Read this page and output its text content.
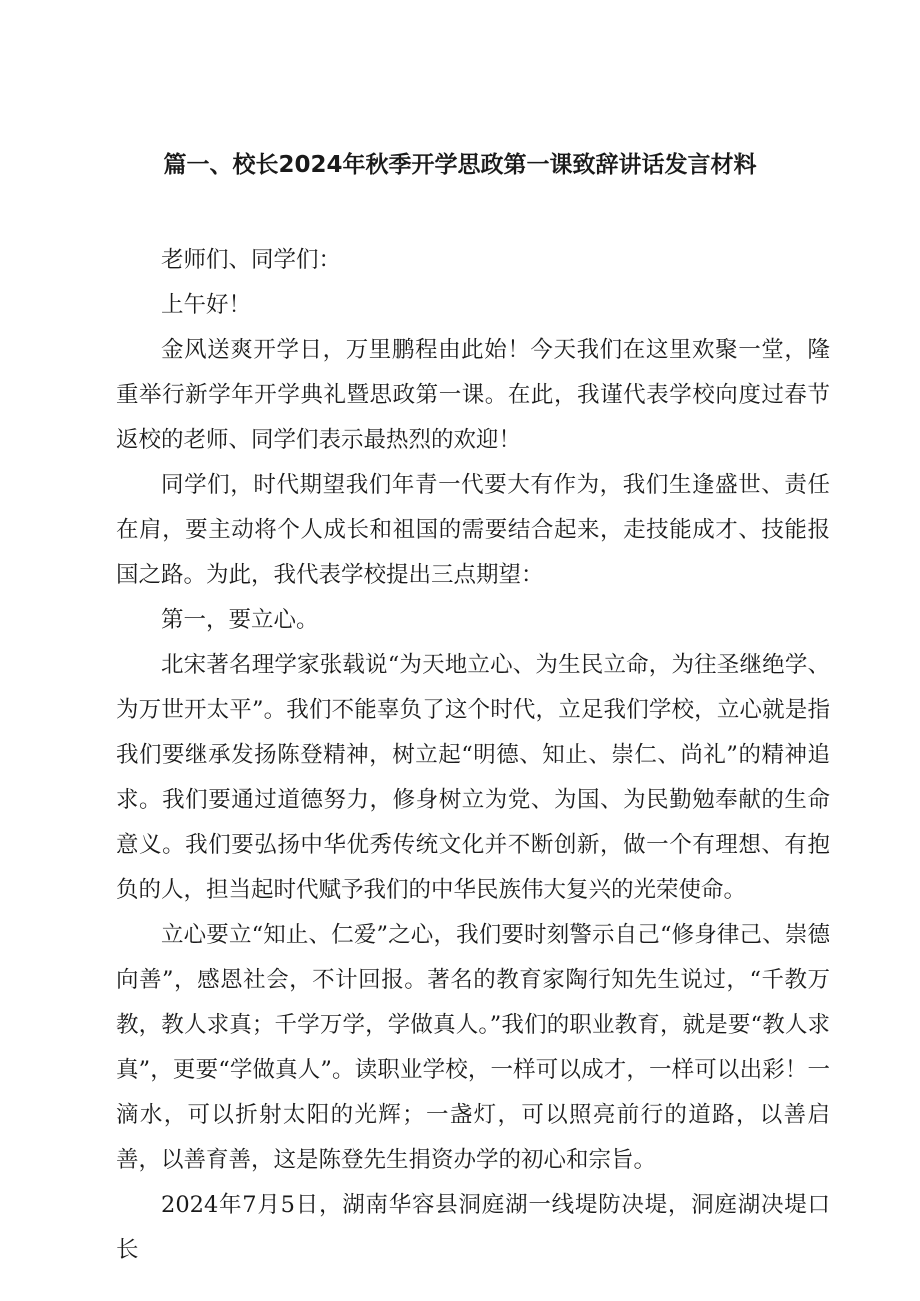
篇一、校长2024年秋季开学思政第一课致辞讲话发言材料

老师们、同学们：

上午好！

金风送爽开学日，万里鹏程由此始！今天我们在这里欢聚一堂，隆重举行新学年开学典礼暨思政第一课。在此，我谨代表学校向度过春节返校的老师、同学们表示最热烈的欢迎！

同学们，时代期望我们年青一代要大有作为，我们生逢盛世、责任在肩，要主动将个人成长和祖国的需要结合起来，走技能成才、技能报国之路。为此，我代表学校提出三点期望：

第一，要立心。

北宋著名理学家张载说“为天地立心、为生民立命，为往圣继绝学、为万世开太平”。我们不能辜负了这个时代，立足我们学校，立心就是指我们要继承发扬陈登精神，树立起“明德、知止、崇仁、尚礼”的精神追求。我们要通过道德努力，修身树立为党、为国、为民勤勉奉献的生命意义。我们要弘扬中华优秀传统文化并不断创新，做一个有理想、有抱负的人，担当起时代赋予我们的中华民族伟大复兴的光荣使命。

立心要立“知止、仁爱”之心，我们要时刻警示自己“修身律己、崇德向善”，感恩社会，不计回报。著名的教育家陶行知先生说过，“千教万教，教人求真；千学万学，学做真人。”我们的职业教育，就是要“教人求真”，更要“学做真人”。读职业学校，一样可以成才，一样可以出彩！一滴水，可以折射太阳的光辉；一盏灯，可以照亮前行的道路，以善启善，以善育善，这是陈登先生捐资办学的初心和宗旨。

2024年7月5日，湖南华容县洞庭湖一线堤防决堤，洞庭湖决堤口长
